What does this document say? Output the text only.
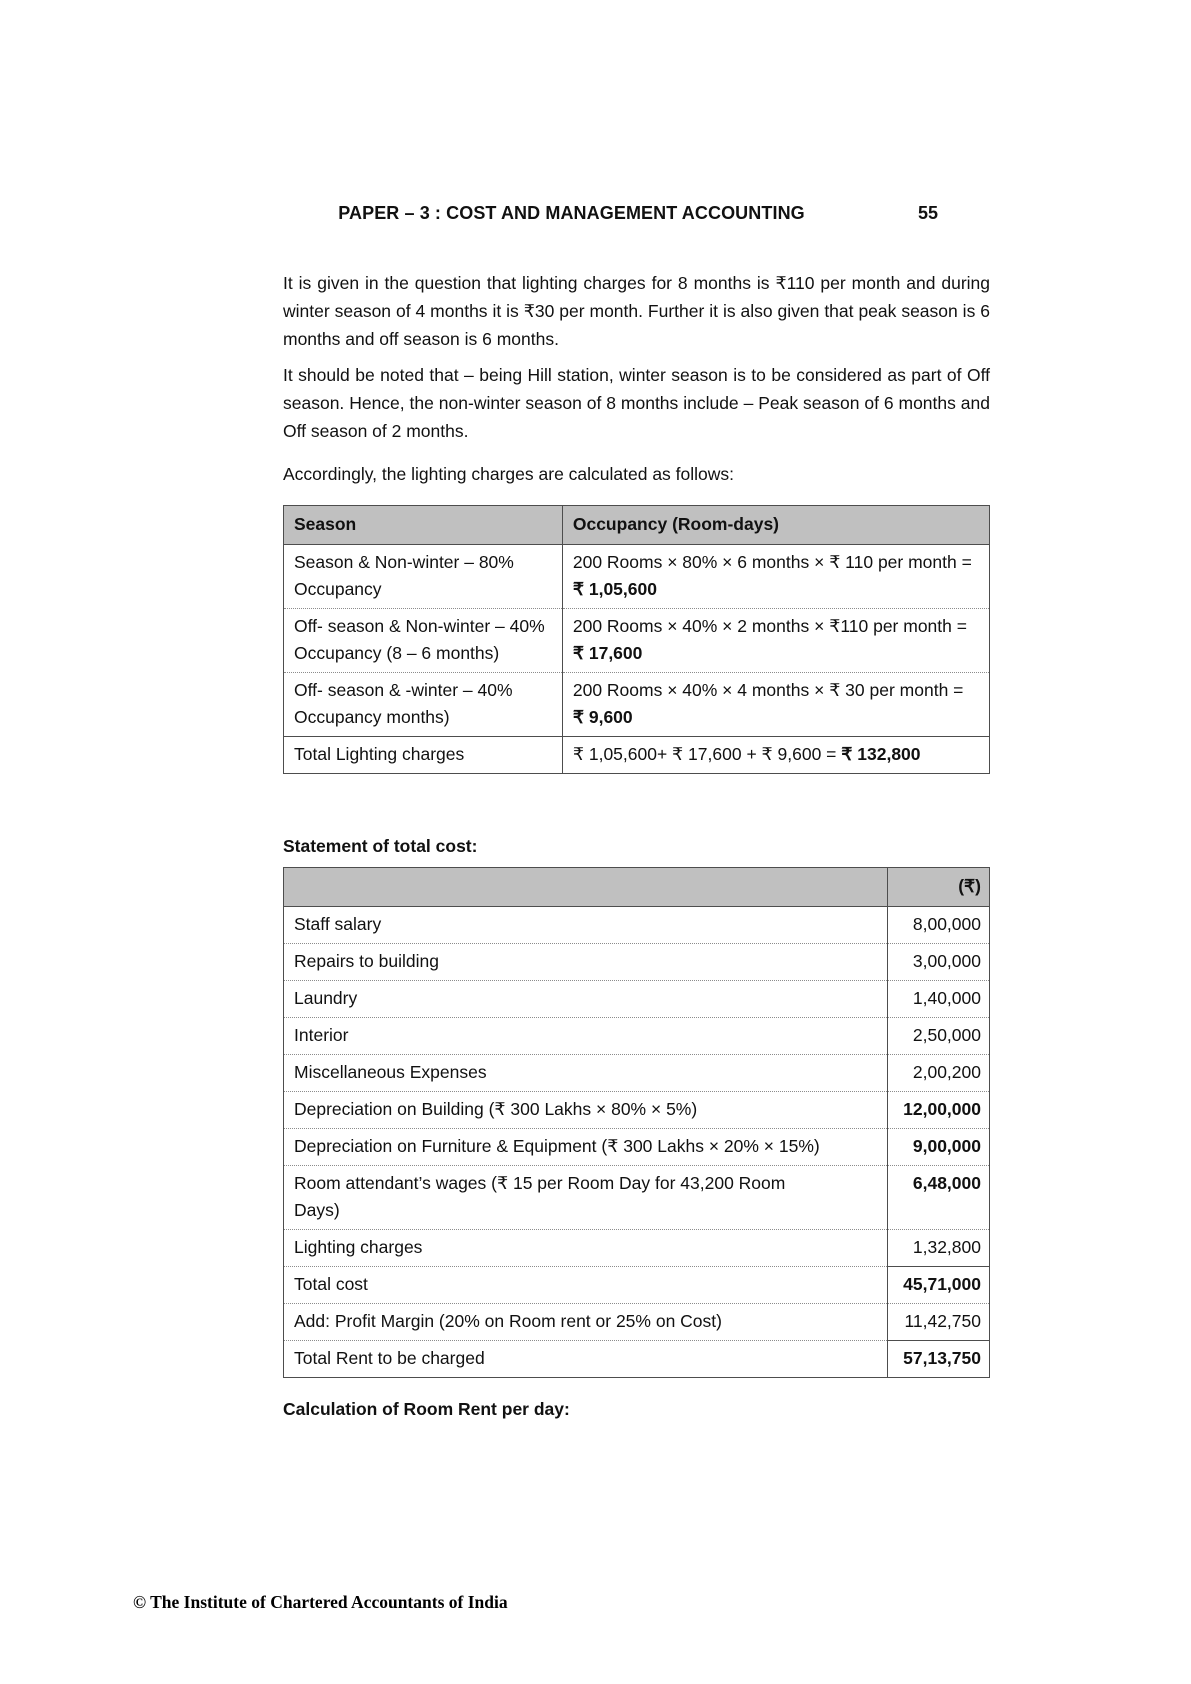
PAPER – 3 : COST AND MANAGEMENT ACCOUNTING	55

It is given in the question that lighting charges for 8 months is ₹110 per month and during winter season of 4 months it is ₹30 per month. Further it is also given that peak season is 6 months and off season is 6 months.

It should be noted that – being Hill station, winter season is to be considered as part of Off season. Hence, the non-winter season of 8 months include – Peak season of 6 months and Off season of 2 months.

Accordingly, the lighting charges are calculated as follows:

Season	Occupancy (Room-days)
Season & Non-winter – 80% Occupancy	200 Rooms × 80% × 6 months × ₹ 110 per month = ₹ 1,05,600
Off- season & Non-winter – 40% Occupancy (8 – 6 months)	200 Rooms × 40% × 2 months × ₹110 per month = ₹ 17,600
Off- season & -winter – 40% Occupancy months)	200 Rooms × 40% × 4 months × ₹ 30 per month = ₹ 9,600
Total Lighting charges	₹ 1,05,600+ ₹ 17,600 + ₹ 9,600 = ₹ 132,800
Statement of total cost:
	(₹)
Staff salary	8,00,000
Repairs to building	3,00,000
Laundry	1,40,000
Interior	2,50,000
Miscellaneous Expenses	2,00,200
Depreciation on Building (₹ 300 Lakhs × 80% × 5%)	12,00,000
Depreciation on Furniture & Equipment (₹ 300 Lakhs × 20% × 15%)	9,00,000

Room attendant’s wages (₹ 15 per Room Day for 43,200 Room Days)	6,48,000
Lighting charges	1,32,800
Total cost	45,71,000
Add: Profit Margin (20% on Room rent or 25% on Cost)	11,42,750
Total Rent to be charged	57,13,750
Calculation of Room Rent per day:
© The Institute of Chartered Accountants of India
